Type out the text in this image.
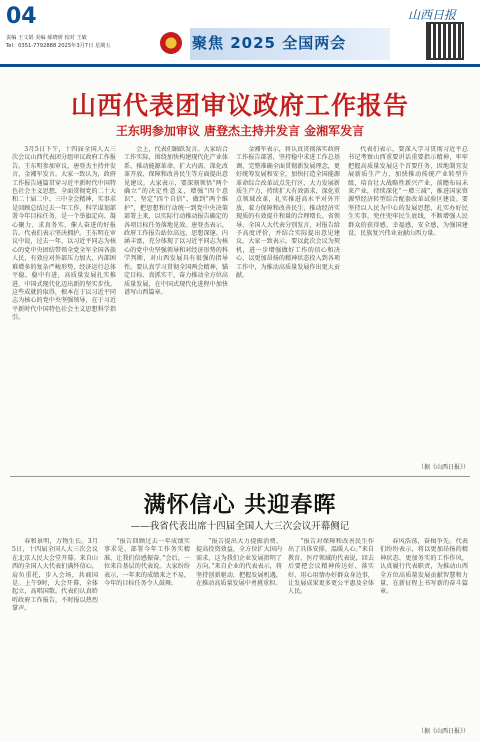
04
责编 王文娟 美编 郝晓妍 校对 王敏
Tel：0351-7792888 2025年3月7日 星期五	聚焦 2025 全国两会
山西日报
山西代表团审议政府工作报告
王东明参加审议 唐登杰主持并发言 金湘军发言

3月5日下午，十四届全国人大三次会议山西代表团分组审议政府工作报告。王东明参加审议，唐登杰主持并发言，金湘军发言。大家一致认为，政府工作报告通篇贯穿习近平新时代中国特色社会主义思想，全面贯彻党的二十大和二十届二中、三中全会精神，实事求是回顾总结过去一年工作，科学谋划部署今年目标任务，是一个举旗定向、凝心聚力、求真务实、催人奋进的好报告。代表们表示坚决拥护。王东明在审议中说，过去一年，以习近平同志为核心的党中央团结带领全党全军全国各族人民，有效应对外部压力加大、内部困难增多的复杂严峻形势，经济运行总体平稳、稳中有进，高质量发展扎实推进，中国式现代化迈出新的坚实步伐。这些成就的取得，根本在于以习近平同志为核心的党中央坚强领导，在于习近平新时代中国特色社会主义思想科学指引。

会上，代表们踊跃发言。大家结合工作实际，围绕加快构建现代化产业体系、推动能源革命、扩大内需、深化改革开放、保障和改善民生等方面提出意见建议。大家表示，要深刻领悟“两个确立”的决定性意义，增强“四个意识”、坚定“四个自信”、做到“两个维护”，把思想和行动统一到党中央决策部署上来，以实际行动推动报告确定的各项目标任务落地见效。唐登杰表示，政府工作报告站位高远、思想深邃、内涵丰富，充分体现了以习近平同志为核心的党中央坚强领导和对经济形势的科学判断，对山西发展具有很强的指导性。要认真学习贯彻全国两会精神，锚定目标、真抓实干，奋力推动全方位高质量发展，在中国式现代化进程中加快谱写山西篇章。

金湘军表示，将认真贯彻落实政府工作报告部署，坚持稳中求进工作总基调，完整准确全面贯彻新发展理念，更好统筹发展和安全，加快打造全国能源革命综合改革试点先行区，大力发展新质生产力，持续扩大有效需求，深化重点领域改革，扎实推进高水平对外开放，着力保障和改善民生，推动经济实现质的有效提升和量的合理增长。省领导、全国人大代表分别发言，对报告给予高度评价，并结合实际提出意见建议。大家一致表示，要以此次会议为契机，进一步增强做好工作的信心和决心，以更加昂扬的精神状态投入到各项工作中，为推动高质量发展作出更大贡献。

代表们表示，要深入学习贯彻习近平总书记考察山西重要讲话重要指示精神，牢牢把握高质量发展这个首要任务，因地制宜发展新质生产力，加快推动传统产业转型升级，培育壮大战略性新兴产业，前瞻布局未来产业，持续深化“一增三减”，推进国家资源型经济转型综合配套改革试验区建设。要坚持以人民为中心的发展思想，扎实办好民生实事，兜住兜牢民生底线，不断增强人民群众的获得感、幸福感、安全感，为强国建设、民族复兴伟业贡献山西力量。

（据《山西日报》）
满怀信心 共迎春晖
——我省代表出席十四届全国人大三次会议开幕侧记

春和景明，万物生长。3月5日，十四届全国人大三次会议在北京人民大会堂开幕。来自山西的全国人大代表们满怀信心，肩负重托，步入会场，共商国是。上午9时，大会开幕，全体起立，高唱国歌。代表们认真聆听政府工作报告，不时报以热烈掌声。

“报告回顾过去一年成绩实事求是，部署今年工作务实精准，让我们倍感振奋。”会后，一位来自基层的代表说。大家纷纷表示，一年来的成绩来之不易，今年的目标任务令人鼓舞。

“报告提出大力提振消费、提高投资效益，全方位扩大国内需求，这为我们企业发展指明了方向。”来自企业的代表表示，将坚持创新驱动，把握发展机遇，在推动高质量发展中勇挑重担。

“报告对保障和改善民生作出了具体安排，温暖人心。”来自教育、医疗领域的代表说，回去后要把会议精神传达好、落实好，用心用情办好群众身边事，让发展成果更多更公平惠及全体人民。

春风浩荡，奋楫争先。代表们纷纷表示，将以更加昂扬的精神状态、更加务实的工作作风，认真履行代表职责，为推动山西全方位高质量发展贡献智慧和力量，在新征程上书写新的奋斗篇章。

（据《山西日报》）
